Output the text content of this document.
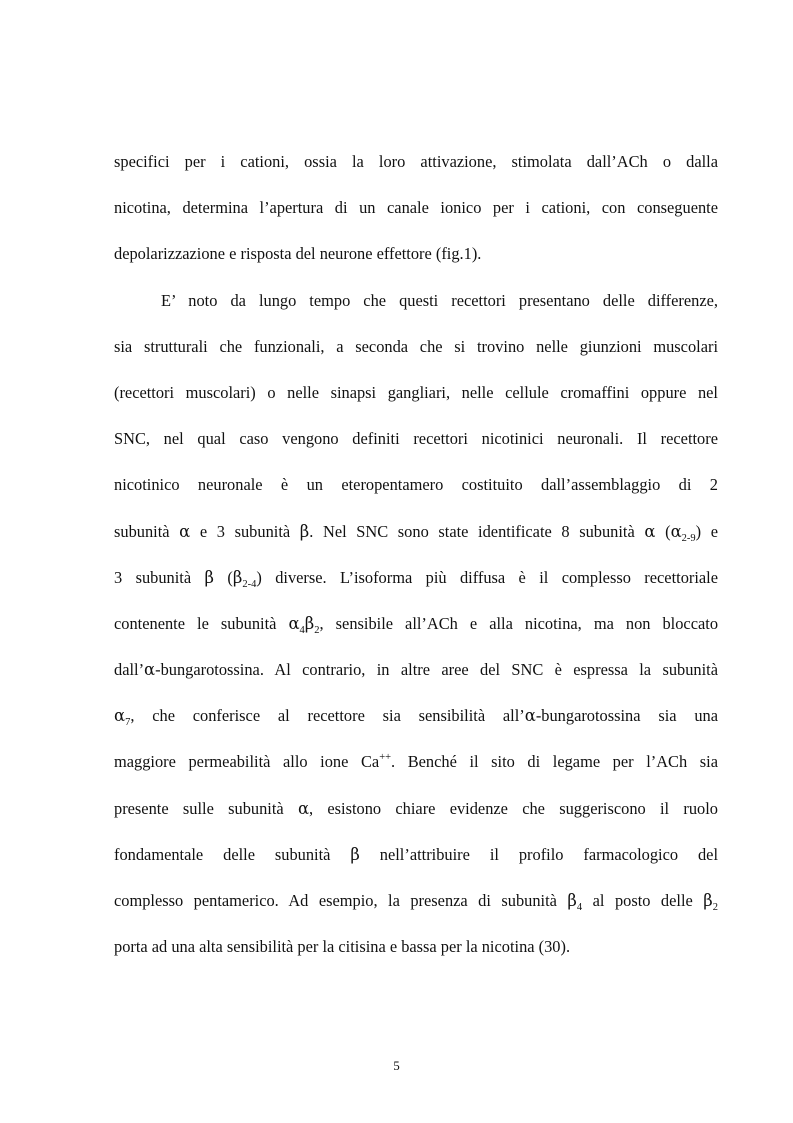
specifici per i cationi, ossia la loro attivazione, stimolata dall’ACh o dalla
nicotina, determina l’apertura di un canale ionico per i cationi, con conseguente
depolarizzazione e risposta del neurone effettore (fig.1).
E’ noto da lungo tempo che questi recettori presentano delle differenze,
sia strutturali che funzionali, a seconda che si trovino nelle giunzioni muscolari
(recettori muscolari) o nelle sinapsi gangliari, nelle cellule cromaffini oppure nel
SNC, nel qual caso vengono definiti recettori nicotinici neuronali. Il recettore
nicotinico neuronale è un eteropentamero costituito dall’assemblaggio di 2
subunità α e 3 subunità β. Nel SNC sono state identificate 8 subunità α $(\alpha_{2-9})$ e
3 subunità β $(\beta_{2-4})$ diverse. L’isoforma più diffusa è il complesso recettoriale
contenente le subunità $\alpha_4\beta_2$, sensibile all’ACh e alla nicotina, ma non bloccato
dall’α-bungarotossina. Al contrario, in altre aree del SNC è espressa la subunità
$\alpha_7$, che conferisce al recettore sia sensibilità all’α-bungarotossina sia una
maggiore permeabilità allo ione Ca++. Benché il sito di legame per l’ACh sia
presente sulle subunità α, esistono chiare evidenze che suggeriscono il ruolo
fondamentale delle subunità β nell’attribuire il profilo farmacologico del
complesso pentamerico. Ad esempio, la presenza di subunità $\beta_4$ al posto delle $\beta_2$
porta ad una alta sensibilità per la citisina e bassa per la nicotina (30).
5
